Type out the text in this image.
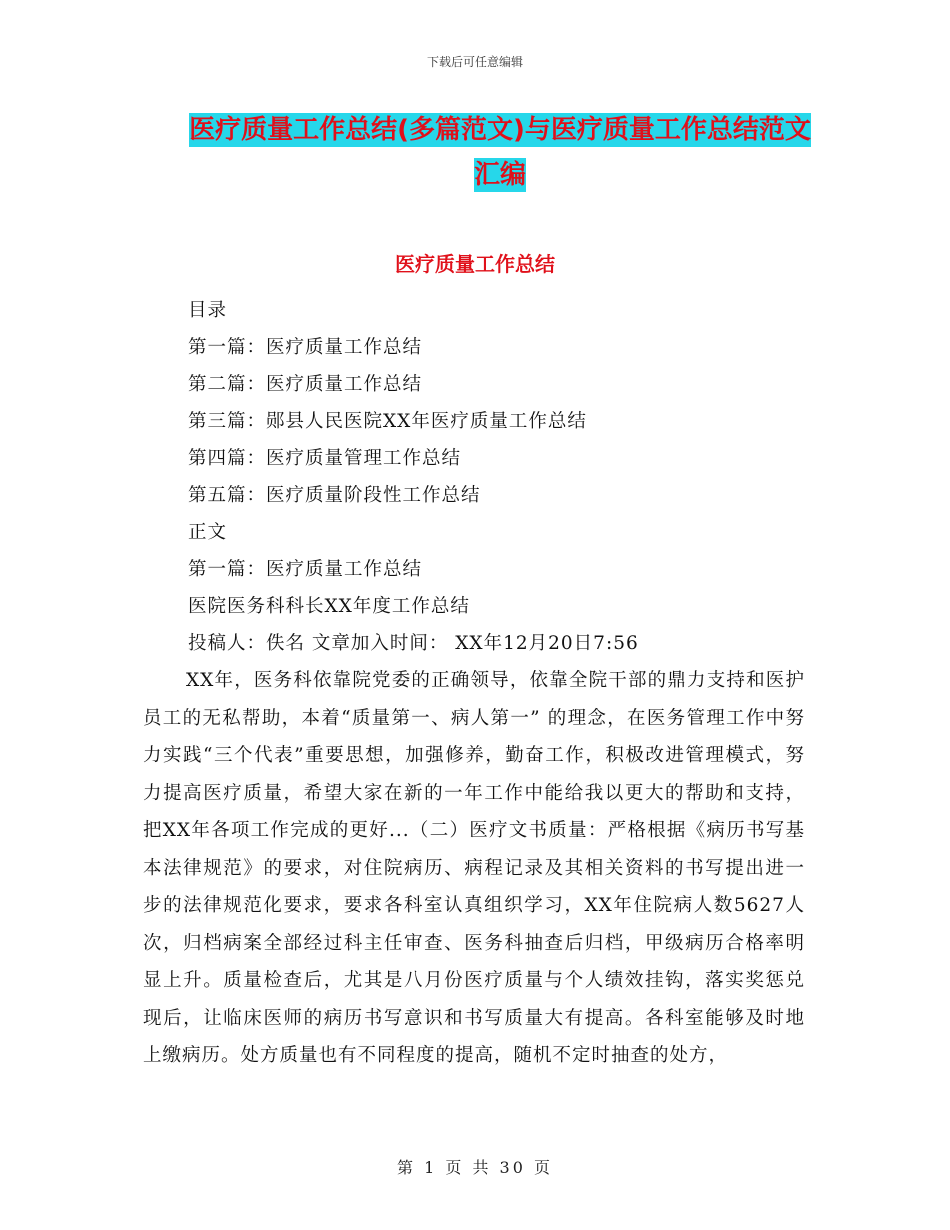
下载后可任意编辑
医疗质量工作总结(多篇范文)与医疗质量工作总结范文汇编
医疗质量工作总结
目录
第一篇：医疗质量工作总结
第二篇：医疗质量工作总结
第三篇：郧县人民医院XX年医疗质量工作总结
第四篇：医疗质量管理工作总结
第五篇：医疗质量阶段性工作总结
正文
第一篇：医疗质量工作总结
医院医务科科长XX年度工作总结
投稿人：佚名 文章加入时间： XX年12月20日7:56

XX年，医务科依靠院党委的正确领导，依靠全院干部的鼎力支持和医护员工的无私帮助，本着“质量第一、病人第一” 的理念，在医务管理工作中努力实践“三个代表”重要思想，加强修养，勤奋工作，积极改进管理模式，努力提高医疗质量，希望大家在新的一年工作中能给我以更大的帮助和支持，把XX年各项工作完成的更好...（二）医疗文书质量：严格根据《病历书写基本法律规范》的要求，对住院病历、病程记录及其相关资料的书写提出进一步的法律规范化要求，要求各科室认真组织学习，XX年住院病人数5627人次，归档病案全部经过科主任审查、医务科抽查后归档，甲级病历合格率明显上升。质量检查后，尤其是八月份医疗质量与个人绩效挂钩，落实奖惩兑现后，让临床医师的病历书写意识和书写质量大有提高。各科室能够及时地上缴病历。处方质量也有不同程度的提高，随机不定时抽查的处方，

第 1 页 共 30 页
